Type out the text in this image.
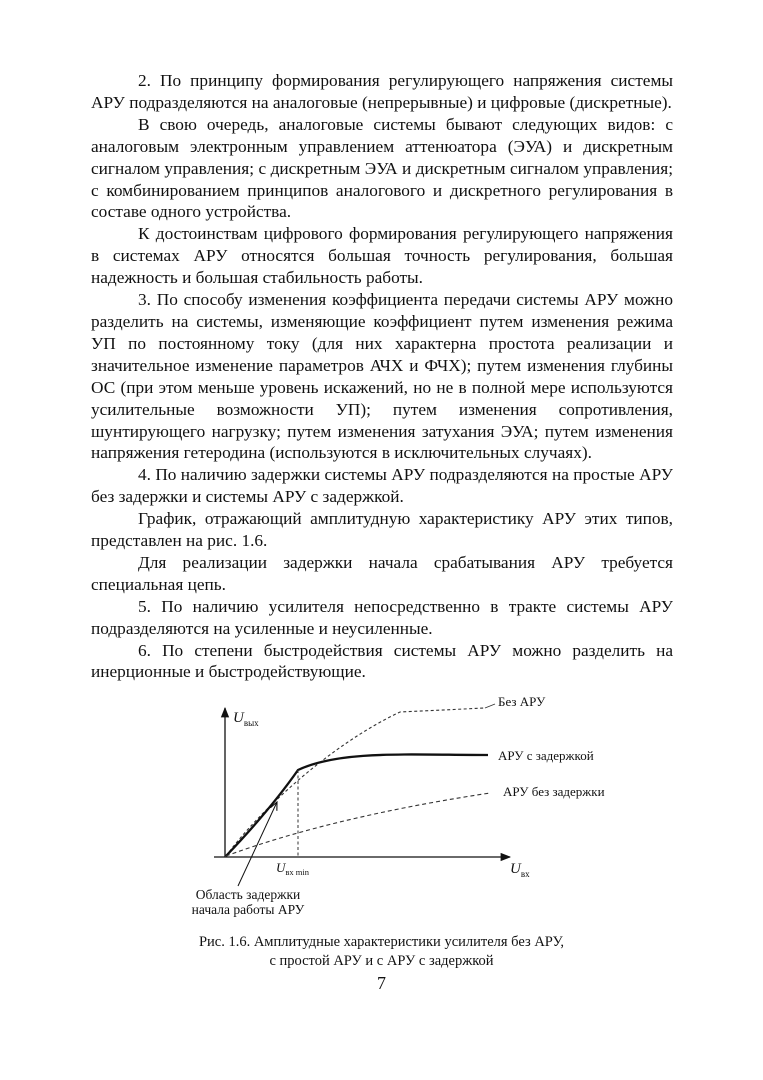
2. По принципу формирования регулирующего напряжения системы АРУ подразделяются на аналоговые (непрерывные) и цифровые (дискретные).

В свою очередь, аналоговые системы бывают следующих видов: с аналоговым электронным управлением аттенюатора (ЭУА) и дискретным сигналом управления; с дискретным ЭУА и дискретным сигналом управления; с комбинированием принципов аналогового и дискретного регулирования в составе одного устройства.

К достоинствам цифрового формирования регулирующего напряжения в системах АРУ относятся большая точность регулирования, большая надежность и большая стабильность работы.

3. По способу изменения коэффициента передачи системы АРУ можно разделить на системы, изменяющие коэффициент путем изменения режима УП по постоянному току (для них характерна простота реализации и значительное изменение параметров АЧХ и ФЧХ); путем изменения глубины ОС (при этом меньше уровень искажений, но не в полной мере используются усилительные возможности УП); путем изменения сопротивления, шунтирующего нагрузку; путем изменения затухания ЭУА; путем изменения напряжения гетеродина (используются в исключительных случаях).

4. По наличию задержки системы АРУ подразделяются на простые АРУ без задержки и системы АРУ с задержкой.

График, отражающий амплитудную характеристику АРУ этих типов, представлен на рис. 1.6.

Для реализации задержки начала срабатывания АРУ требуется специальная цепь.

5. По наличию усилителя непосредственно в тракте системы АРУ подразделяются на усиленные и неусиленные.

6. По степени быстродействия системы АРУ можно разделить на инерционные и быстродействующие.

$U_{вых}$
$U_{вх}$
$U_{вх min}$
Без АРУ
АРУ с задержкой
АРУ без задержки
Область задержки
начала работы АРУ
Рис. 1.6. Амплитудные характеристики усилителя без АРУ,
с простой АРУ и с АРУ с задержкой
7
